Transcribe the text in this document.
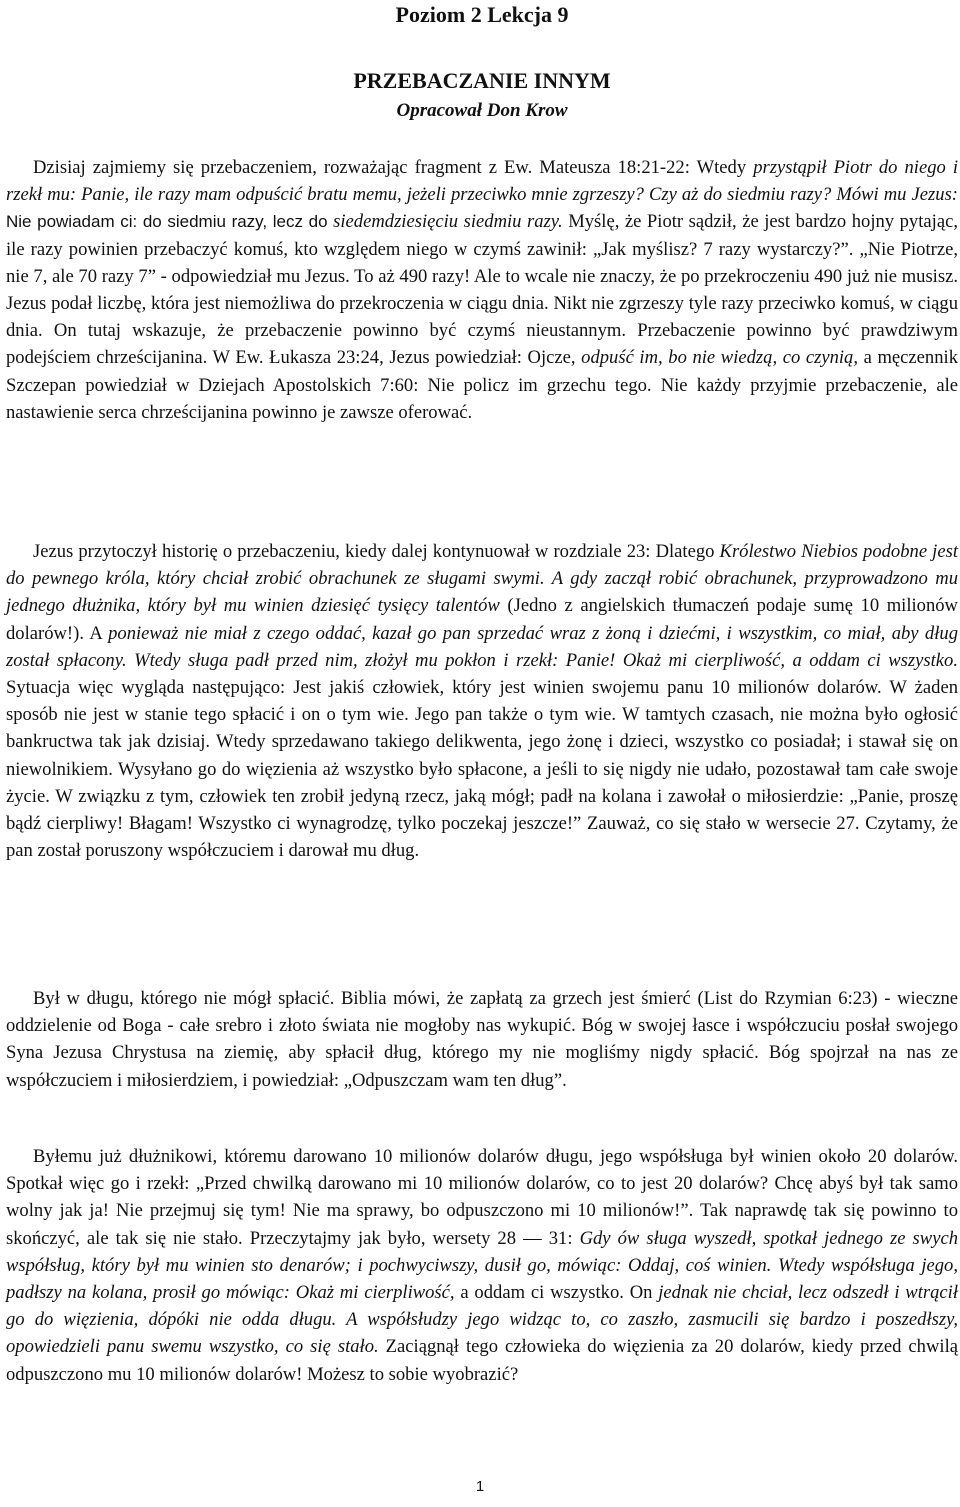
Poziom 2 Lekcja 9

PRZEBACZANIE INNYM

Opracował Don Krow

Dzisiaj zajmiemy się przebaczeniem, rozważając fragment z Ew. Mateusza 18:21-22: Wtedy przystąpił Piotr do niego i rzekł mu: Panie, ile razy mam odpuścić bratu memu, jeżeli przeciwko mnie zgrzeszy? Czy aż do siedmiu razy? Mówi mu Jezus: Nie powiadam ci: do siedmiu razy, lecz do siedemdziesięciu siedmiu razy. Myślę, że Piotr sądził, że jest bardzo hojny pytając, ile razy powinien przebaczyć komuś, kto względem niego w czymś zawinił: „Jak myślisz? 7 razy wystarczy?”. „Nie Piotrze, nie 7, ale 70 razy 7” - odpowiedział mu Jezus. To aż 490 razy! Ale to wcale nie znaczy, że po przekroczeniu 490 już nie musisz. Jezus podał liczbę, która jest niemożliwa do przekroczenia w ciągu dnia. Nikt nie zgrzeszy tyle razy przeciwko komuś, w ciągu dnia. On tutaj wskazuje, że przebaczenie powinno być czymś nieustannym. Przebaczenie powinno być prawdziwym podejściem chrześcijanina. W Ew. Łukasza 23:24, Jezus powiedział: Ojcze, odpuść im, bo nie wiedzą, co czynią, a męczennik Szczepan powiedział w Dziejach Apostolskich 7:60: Nie policz im grzechu tego. Nie każdy przyjmie przebaczenie, ale nastawienie serca chrześcijanina powinno je zawsze oferować.

Jezus przytoczył historię o przebaczeniu, kiedy dalej kontynuował w rozdziale 23: Dlatego Królestwo Niebios podobne jest do pewnego króla, który chciał zrobić obrachunek ze sługami swymi. A gdy zaczął robić obrachunek, przyprowadzono mu jednego dłużnika, który był mu winien dziesięć tysięcy talentów (Jedno z angielskich tłumaczeń podaje sumę 10 milionów dolarów!). A ponieważ nie miał z czego oddać, kazał go pan sprzedać wraz z żoną i dziećmi, i wszystkim, co miał, aby dług został spłacony. Wtedy sługa padł przed nim, złożył mu pokłon i rzekł: Panie! Okaż mi cierpliwość, a oddam ci wszystko. Sytuacja więc wygląda następująco: Jest jakiś człowiek, który jest winien swojemu panu 10 milionów dolarów. W żaden sposób nie jest w stanie tego spłacić i on o tym wie. Jego pan także o tym wie. W tamtych czasach, nie można było ogłosić bankructwa tak jak dzisiaj. Wtedy sprzedawano takiego delikwenta, jego żonę i dzieci, wszystko co posiadał; i stawał się on niewolnikiem. Wysyłano go do więzienia aż wszystko było spłacone, a jeśli to się nigdy nie udało, pozostawał tam całe swoje życie. W związku z tym, człowiek ten zrobił jedyną rzecz, jaką mógł; padł na kolana i zawołał o miłosierdzie: „Panie, proszę bądź cierpliwy! Błagam! Wszystko ci wynagrodzę, tylko poczekaj jeszcze!” Zauważ, co się stało w wersecie 27. Czytamy, że pan został poruszony współczuciem i darował mu dług.

Był w długu, którego nie mógł spłacić. Biblia mówi, że zapłatą za grzech jest śmierć (List do Rzymian 6:23) - wieczne oddzielenie od Boga - całe srebro i złoto świata nie mogłoby nas wykupić. Bóg w swojej łasce i współczuciu posłał swojego Syna Jezusa Chrystusa na ziemię, aby spłacił dług, którego my nie mogliśmy nigdy spłacić. Bóg spojrzał na nas ze współczuciem i miłosierdziem, i powiedział: „Odpuszczam wam ten dług”.

Byłemu już dłużnikowi, któremu darowano 10 milionów dolarów długu, jego współsługa był winien około 20 dolarów. Spotkał więc go i rzekł: „Przed chwilką darowano mi 10 milionów dolarów, co to jest 20 dolarów? Chcę abyś był tak samo wolny jak ja! Nie przejmuj się tym! Nie ma sprawy, bo odpuszczono mi 10 milionów!”. Tak naprawdę tak się powinno to skończyć, ale tak się nie stało. Przeczytajmy jak było, wersety 28 — 31: Gdy ów sługa wyszedł, spotkał jednego ze swych współsług, który był mu winien sto denarów; i pochwyciwszy, dusił go, mówiąc: Oddaj, coś winien. Wtedy współsługa jego, padłszy na kolana, prosił go mówiąc: Okaż mi cierpliwość, a oddam ci wszystko. On jednak nie chciał, lecz odszedł i wtrącił go do więzienia, dópóki nie odda długu. A współsłudzy jego widząc to, co zaszło, zasmucili się bardzo i poszedłszy, opowiedzieli panu swemu wszystko, co się stało. Zaciągnął tego człowieka do więzienia za 20 dolarów, kiedy przed chwilą odpuszczono mu 10 milionów dolarów! Możesz to sobie wyobrazić?

1
